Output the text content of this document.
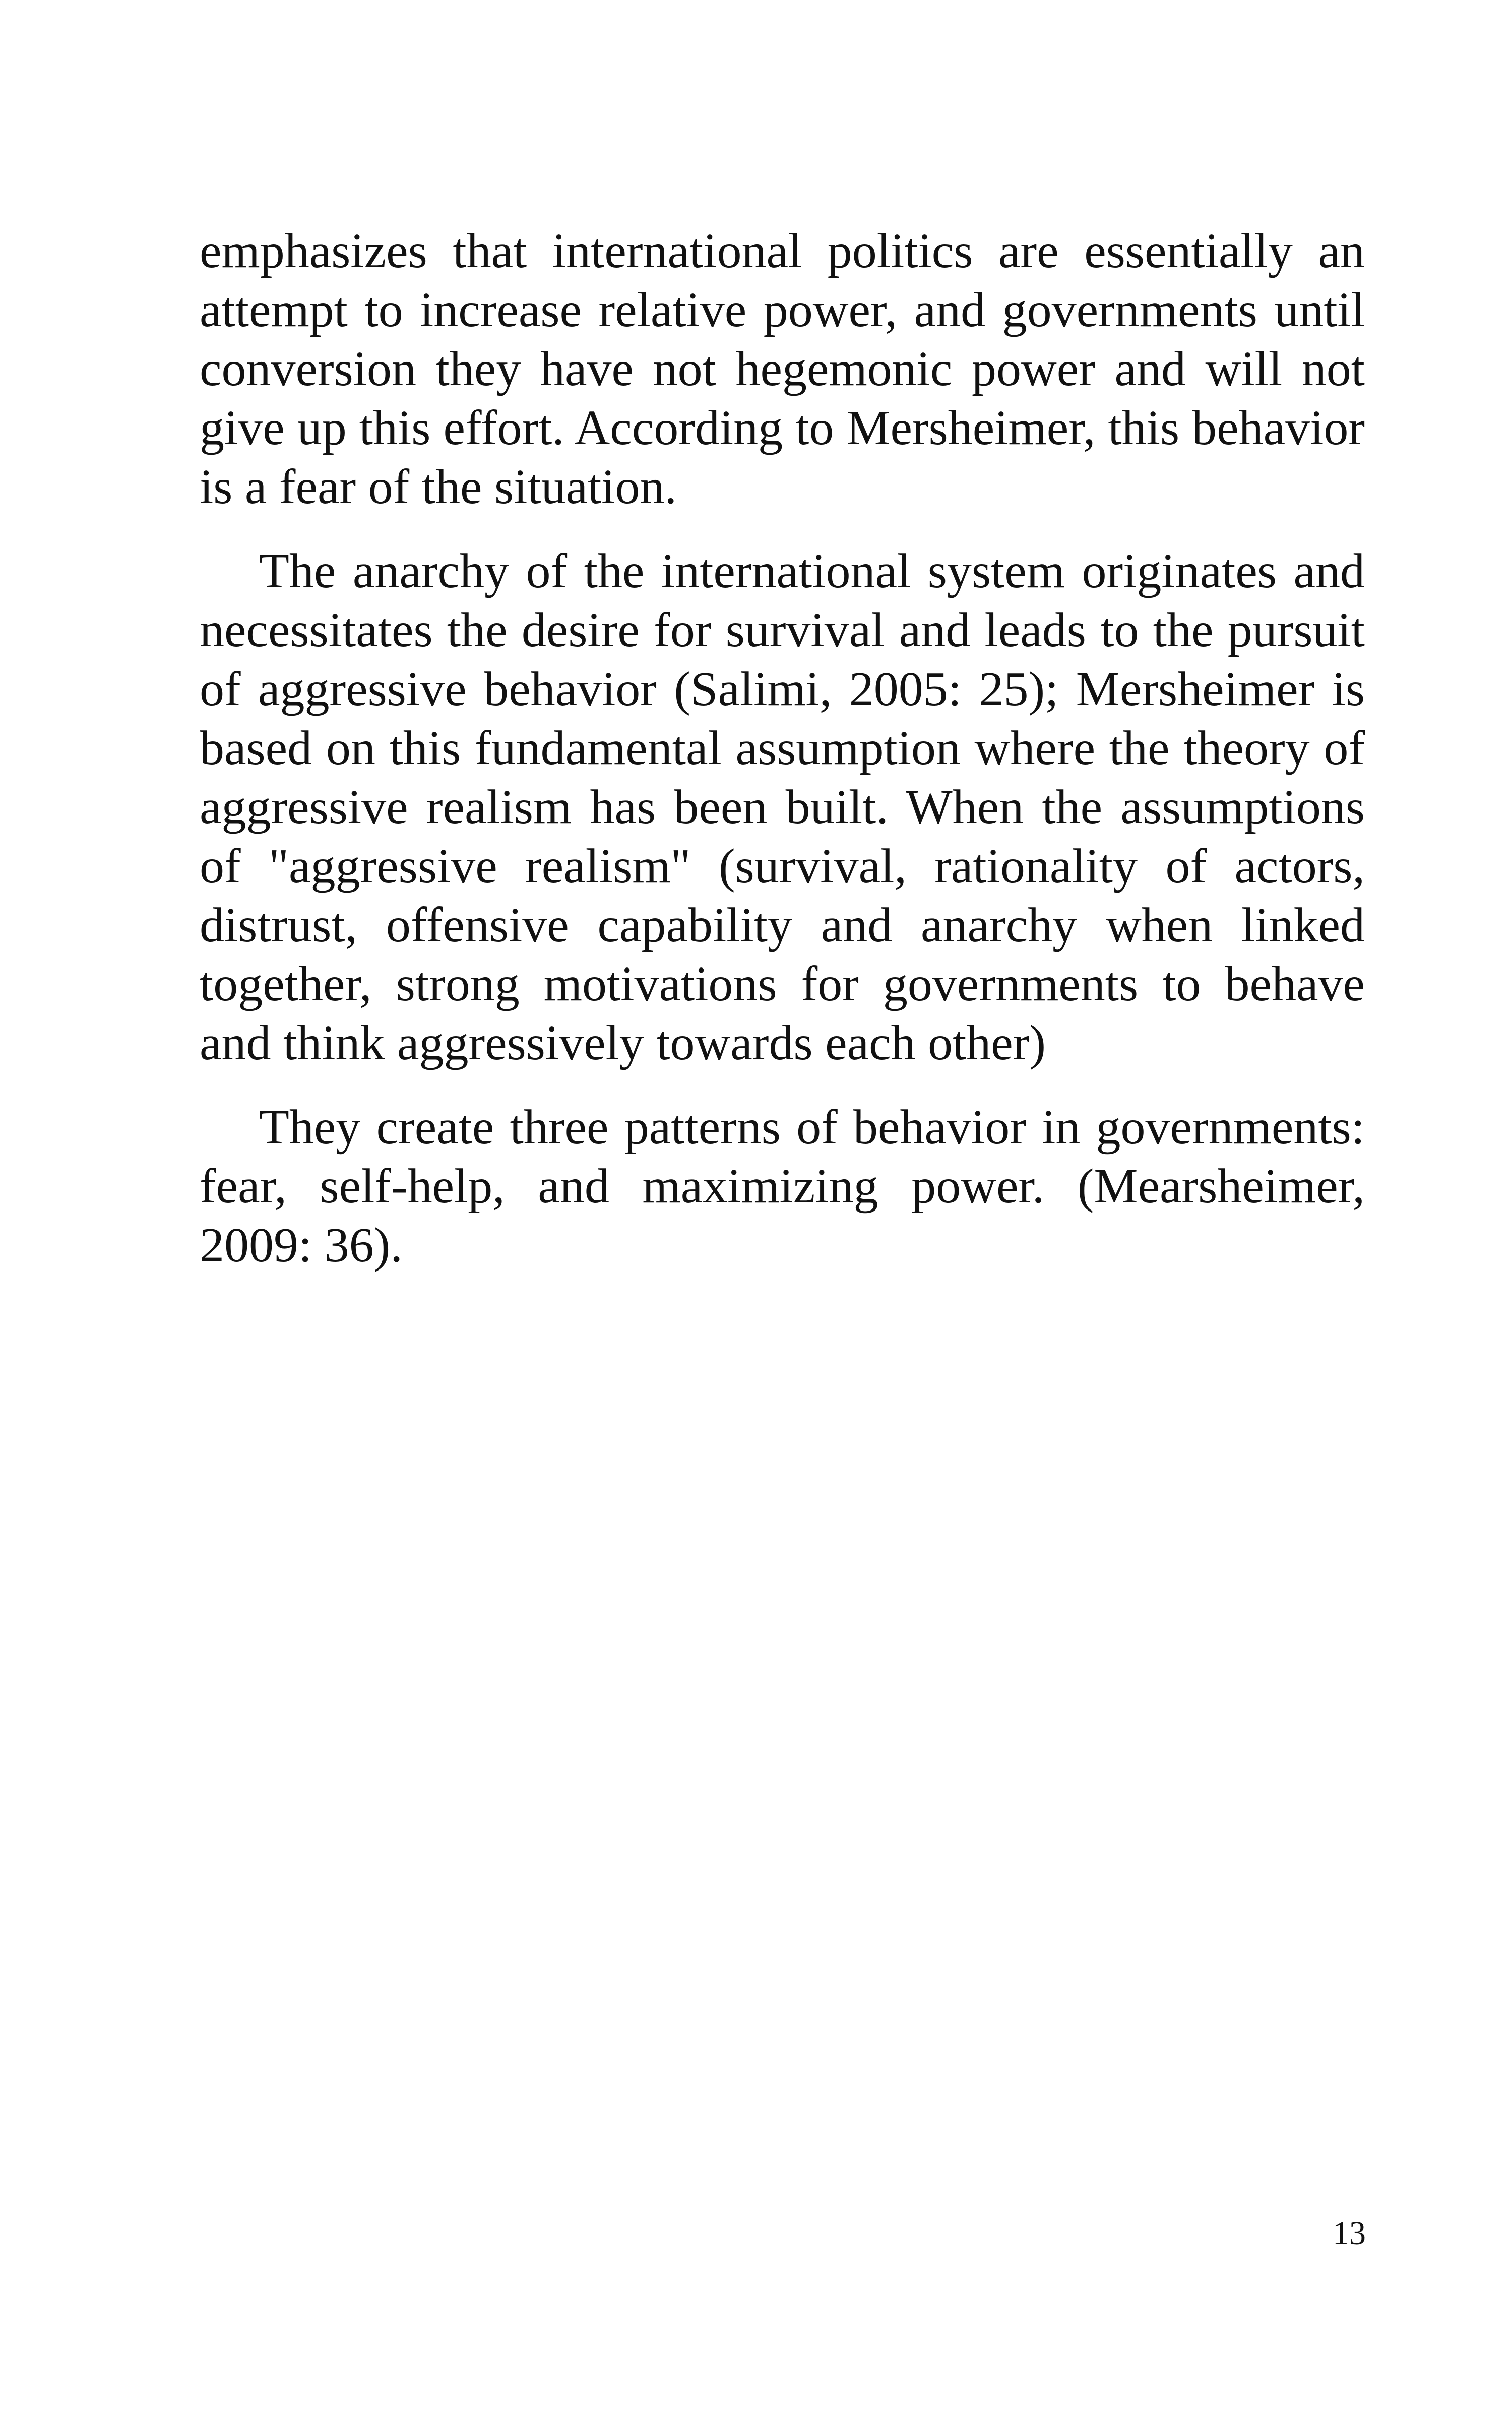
emphasizes that international politics are essentially an attempt to increase relative power, and governments until conversion they have not hegemonic power and will not give up this effort. According to Mersheimer, this behavior is a fear of the situation.

The anarchy of the international system originates and necessitates the desire for survival and leads to the pursuit of aggressive behavior (Salimi, 2005: 25); Mersheimer is based on this fundamental assumption where the theory of aggressive realism has been built. When the assumptions of "aggressive realism" (survival, rationality of actors, distrust, offensive capability and anarchy when linked together, strong motivations for governments to behave and think aggressively towards each other)

They create three patterns of behavior in governments: fear, self-help, and maximizing power. (Mearsheimer, 2009: 36).

13
